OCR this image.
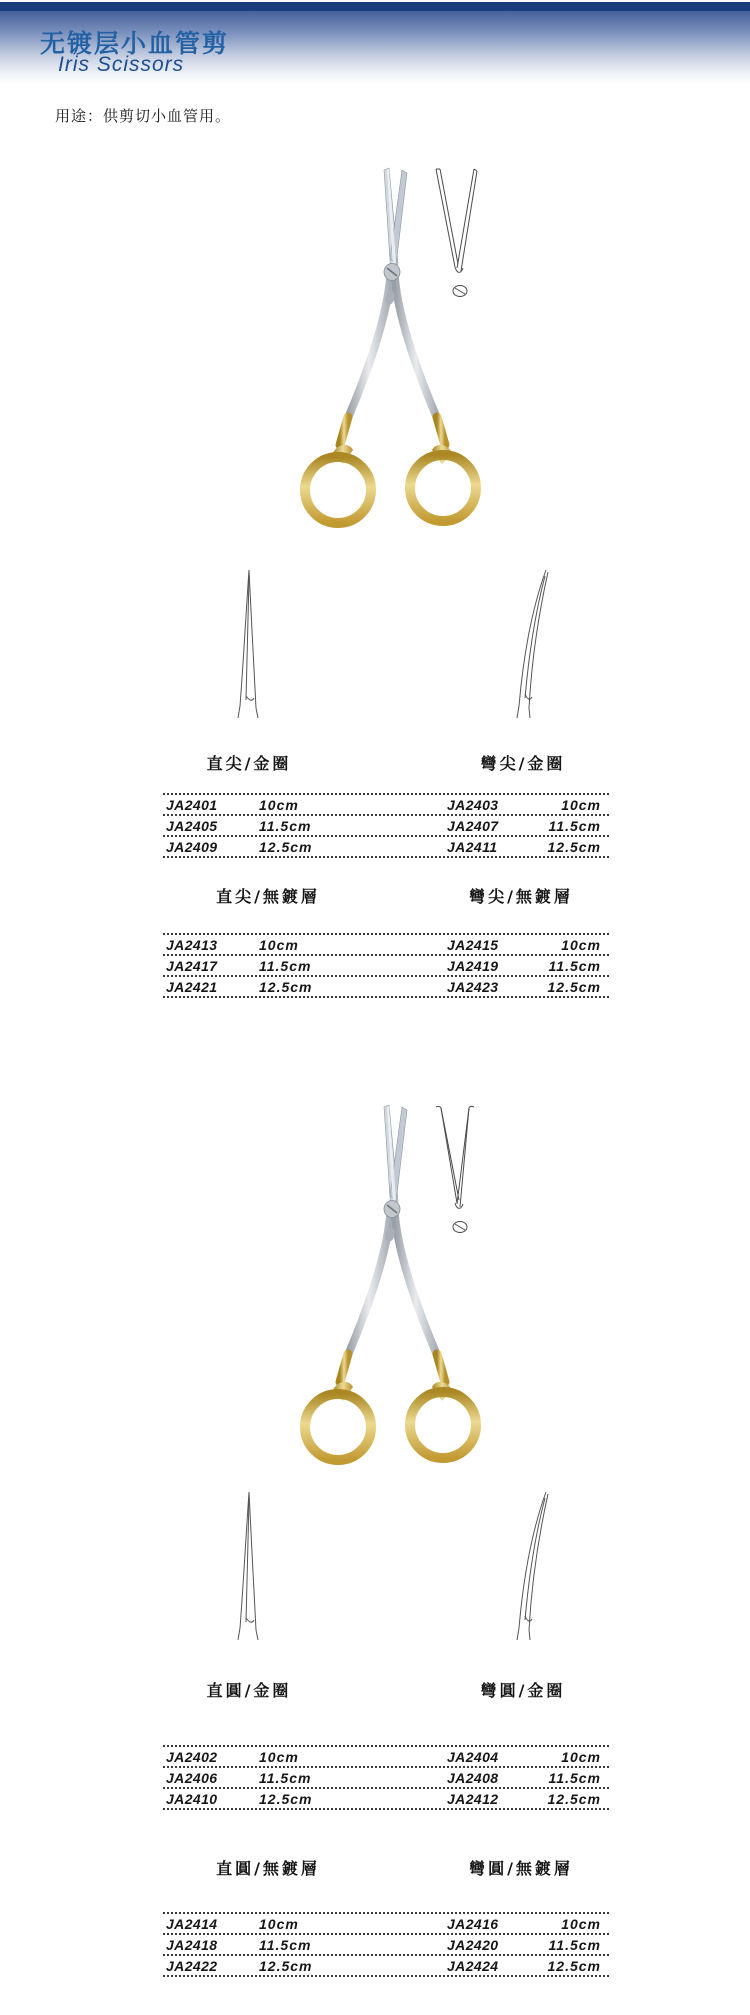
无镀层小血管剪
Iris Scissors
用途：供剪切小血管用。
直尖/金圈	彎尖/金圈
JA2401	10cm	JA2403	10cm
JA2405	11.5cm	JA2407	11.5cm
JA2409	12.5cm	JA2411	12.5cm
直尖/無鍍層	彎尖/無鍍層
JA2413	10cm	JA2415	10cm
JA2417	11.5cm	JA2419	11.5cm
JA2421	12.5cm	JA2423	12.5cm
直圓/金圈	彎圓/金圈
JA2402	10cm	JA2404	10cm
JA2406	11.5cm	JA2408	11.5cm
JA2410	12.5cm	JA2412	12.5cm
直圓/無鍍層	彎圓/無鍍層
JA2414	10cm	JA2416	10cm
JA2418	11.5cm	JA2420	11.5cm
JA2422	12.5cm	JA2424	12.5cm
